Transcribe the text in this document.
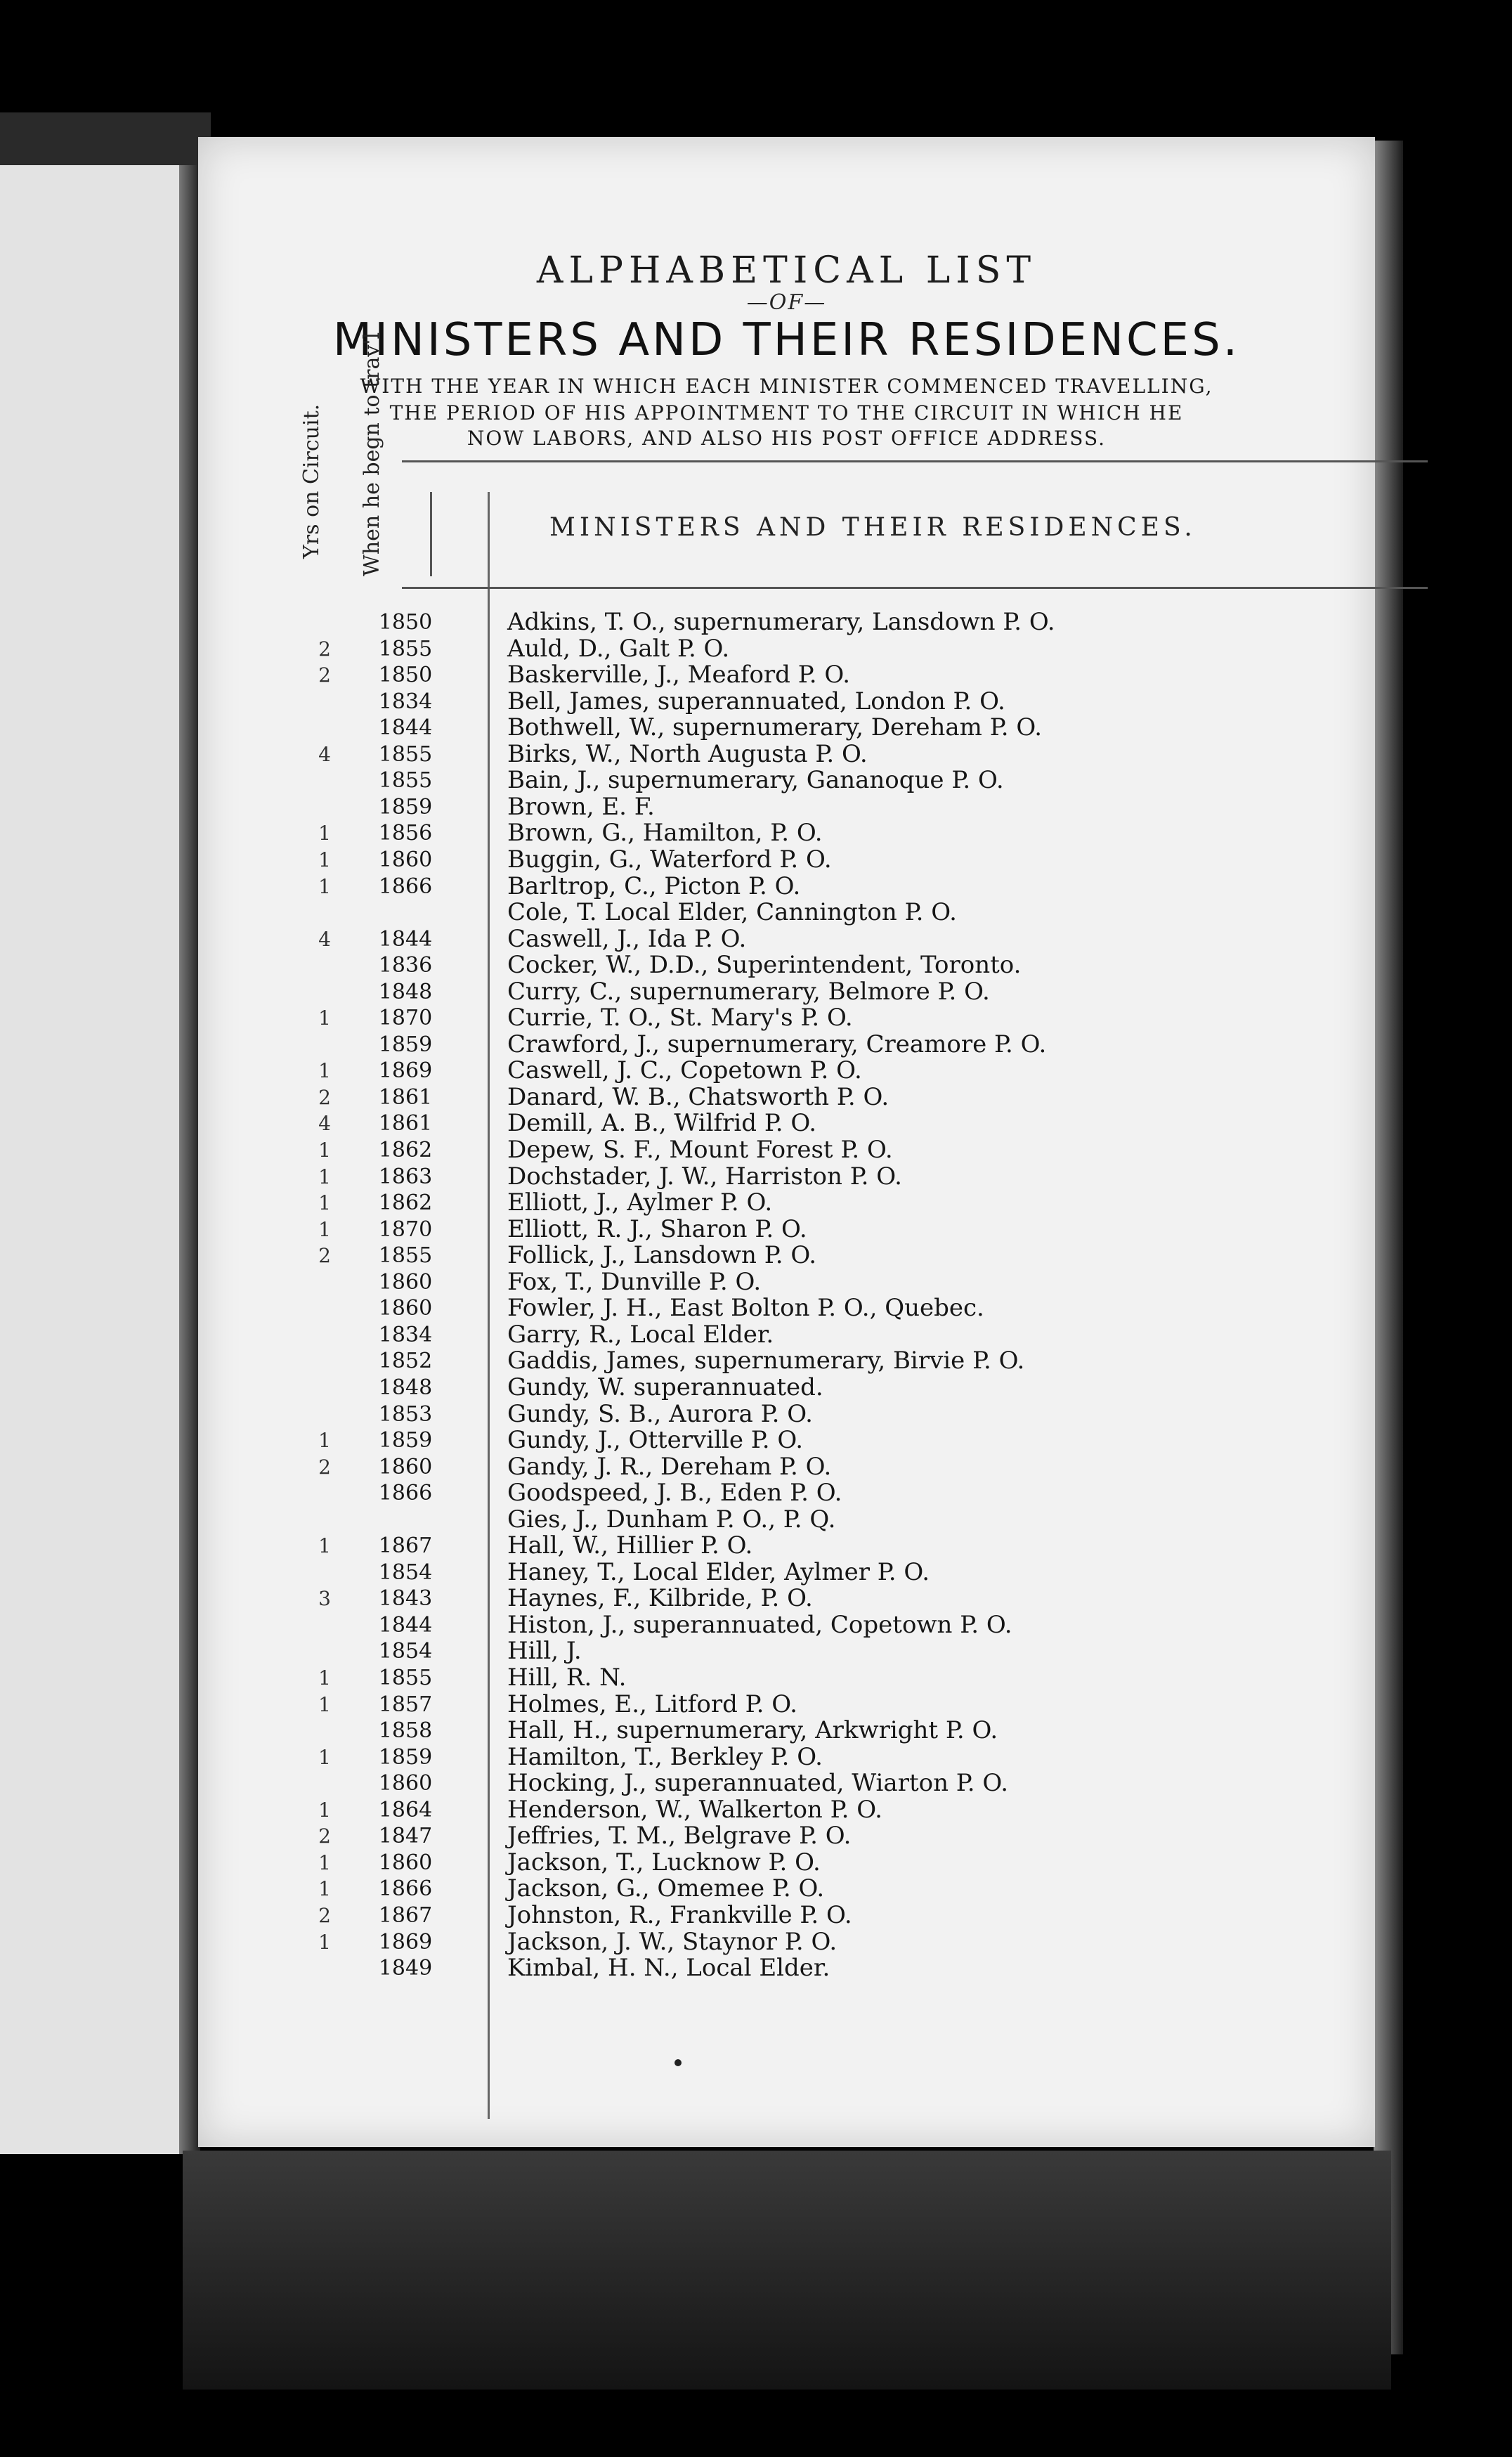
ALPHABETICAL LIST
—OF—
MINISTERS AND THEIR RESIDENCES.
WITH THE YEAR IN WHICH EACH MINISTER COMMENCED TRAVELLING,
THE PERIOD OF HIS APPOINTMENT TO THE CIRCUIT IN WHICH HE
NOW LABORS, AND ALSO HIS POST OFFICE ADDRESS.
Yrs on Circuit. When he begn to trav'l	MINISTERS AND THEIR RESIDENCES.
1850	Adkins, T. O., supernumerary, Lansdown P. O.
2	1855	Auld, D., Galt P. O.
2	1850	Baskerville, J., Meaford P. O.
1834	Bell, James, superannuated, London P. O.
1844	Bothwell, W., supernumerary, Dereham P. O.
4	1855	Birks, W., North Augusta P. O.
1855	Bain, J., supernumerary, Gananoque P. O.
1859	Brown, E. F.
1	1856	Brown, G., Hamilton, P. O.
1	1860	Buggin, G., Waterford P. O.
1	1866	Barltrop, C., Picton P. O.
Cole, T. Local Elder, Cannington P. O.
4	1844	Caswell, J., Ida P. O.
1836	Cocker, W., D.D., Superintendent, Toronto.
1848	Curry, C., supernumerary, Belmore P. O.
1	1870	Currie, T. O., St. Mary's P. O.
1859	Crawford, J., supernumerary, Creamore P. O.
1	1869	Caswell, J. C., Copetown P. O.
2	1861	Danard, W. B., Chatsworth P. O.
4	1861	Demill, A. B., Wilfrid P. O.
1	1862	Depew, S. F., Mount Forest P. O.
1	1863	Dochstader, J. W., Harriston P. O.
1	1862	Elliott, J., Aylmer P. O.
1	1870	Elliott, R. J., Sharon P. O.
2	1855	Follick, J., Lansdown P. O.
1860	Fox, T., Dunville P. O.
1860	Fowler, J. H., East Bolton P. O., Quebec.
1834	Garry, R., Local Elder.
1852	Gaddis, James, supernumerary, Birvie P. O.
1848	Gundy, W. superannuated.
1853	Gundy, S. B., Aurora P. O.
1	1859	Gundy, J., Otterville P. O.
2	1860	Gandy, J. R., Dereham P. O.
1866	Goodspeed, J. B., Eden P. O.
Gies, J., Dunham P. O., P. Q.
1	1867	Hall, W., Hillier P. O.
1854	Haney, T., Local Elder, Aylmer P. O.
3	1843	Haynes, F., Kilbride, P. O.
1844	Histon, J., superannuated, Copetown P. O.
1854	Hill, J.
1	1855	Hill, R. N.
1	1857	Holmes, E., Litford P. O.
1858	Hall, H., supernumerary, Arkwright P. O.
1	1859	Hamilton, T., Berkley P. O.
1860	Hocking, J., superannuated, Wiarton P. O.
1	1864	Henderson, W., Walkerton P. O.
2	1847	Jeffries, T. M., Belgrave P. O.
1	1860	Jackson, T., Lucknow P. O.
1	1866	Jackson, G., Omemee P. O.
2	1867	Johnston, R., Frankville P. O.
1	1869	Jackson, J. W., Staynor P. O.
1849	Kimbal, H. N., Local Elder.
